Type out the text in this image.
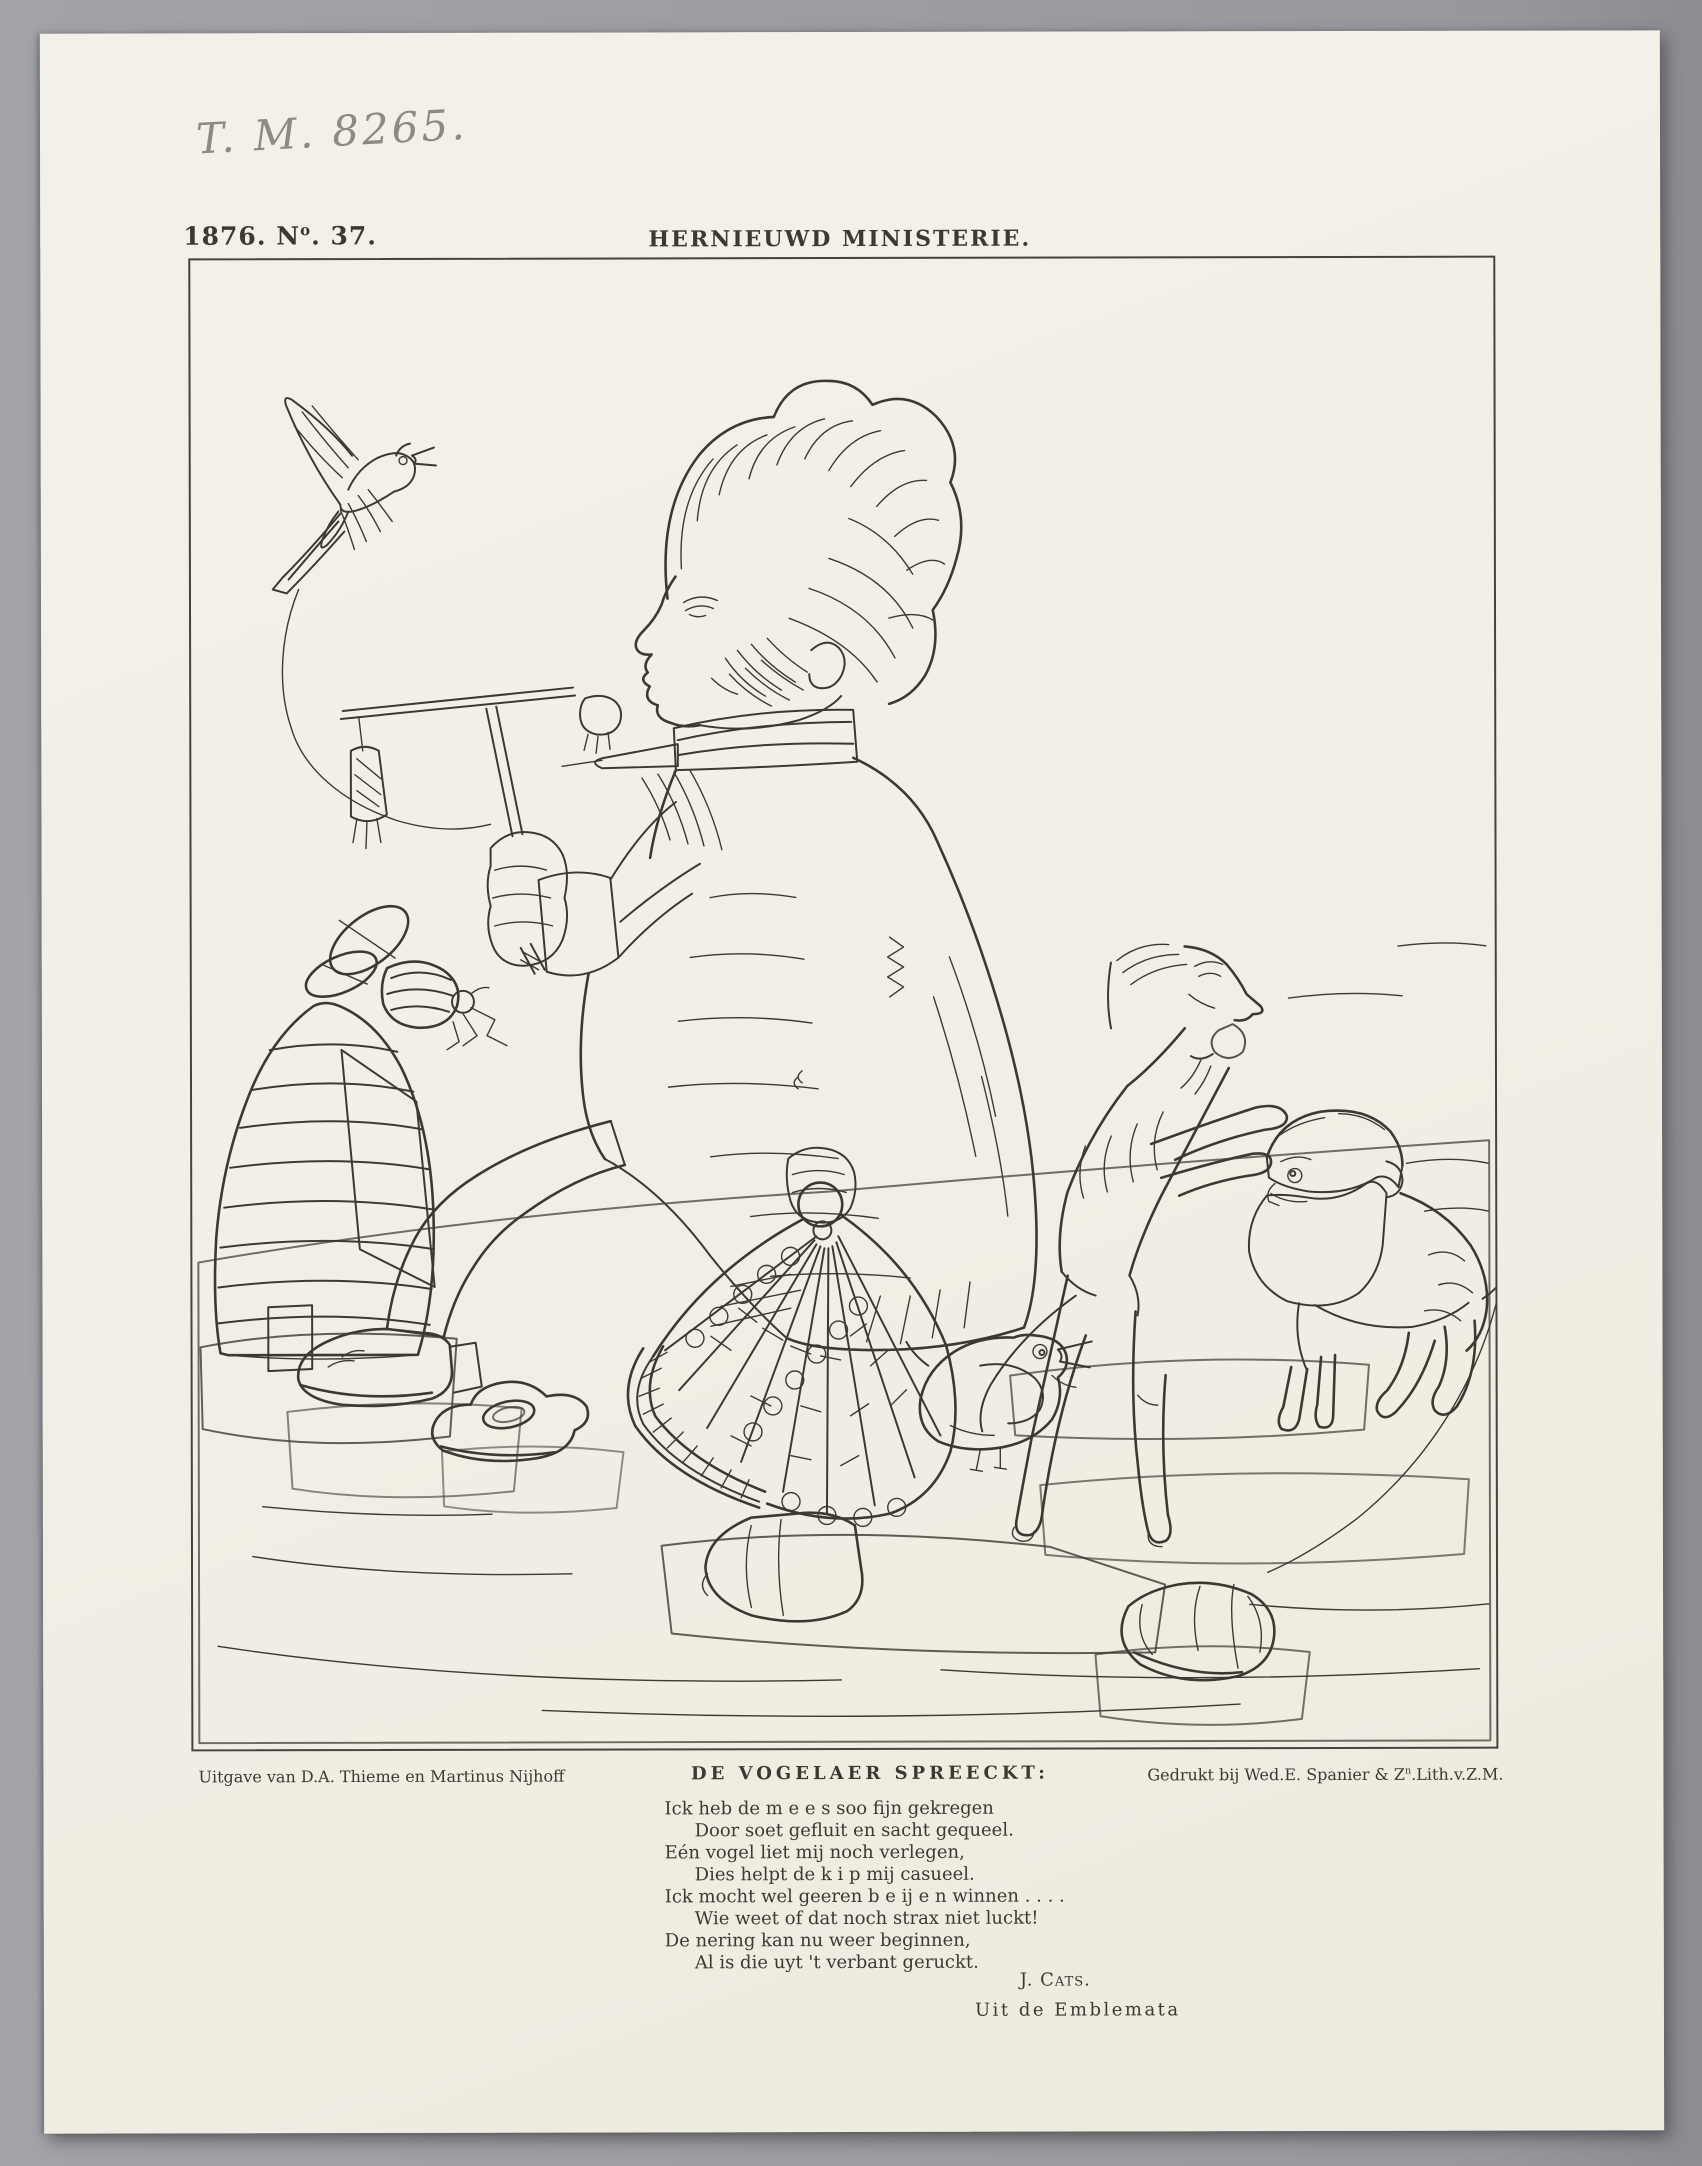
T. M. 8265.
1876. $N^o$. 37.	HERNIEUWD MINISTERIE.
Uitgave van D.A. Thieme en Martinus Nijhoff	DE VOGELAER SPREECKT:	Gedrukt bij Wed.E. Spanier & $Z^n.Lith.v.Z.M$.
Ick heb de m e e s soo fijn gekregen
Door soet gefluit en sacht gequeel.
Eén vogel liet mij noch verlegen,
Dies helpt de k i p mij casueel.
Ick mocht wel geeren b e ij e n winnen . . . .
Wie weet of dat noch strax niet luckt!
De nering kan nu weer beginnen,
Al is die uyt 't verbant geruckt.
J. Cats.
Uit de Emblemata
